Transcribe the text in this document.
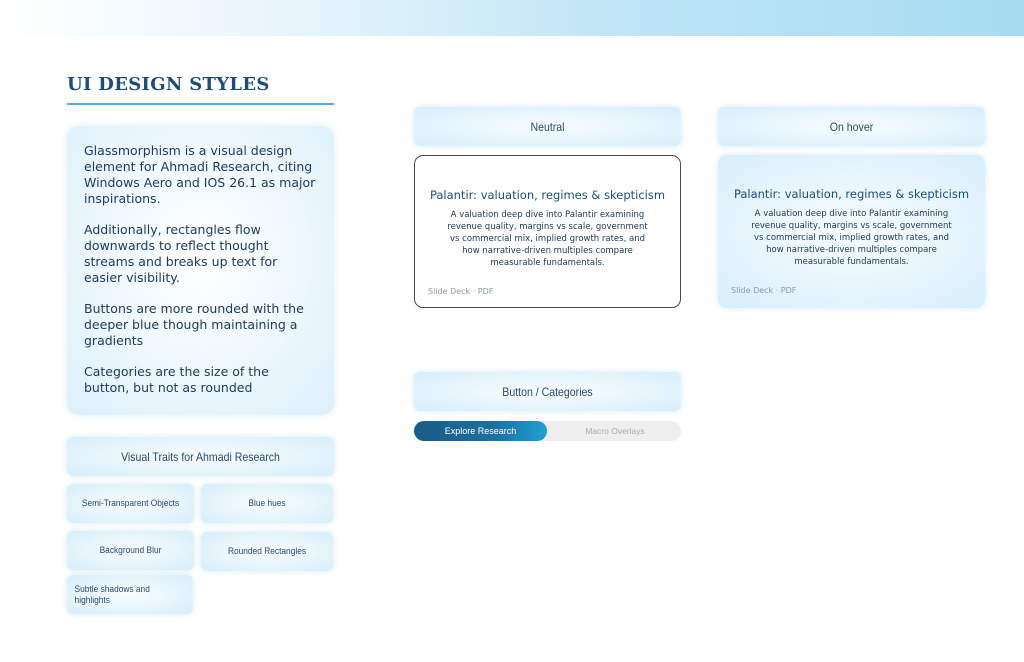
UI DESIGN STYLES

Glassmorphism is a visual design element for Ahmadi Research, citing Windows Aero and IOS 26.1 as major inspirations.

Additionally, rectangles flow downwards to reflect thought streams and breaks up text for easier visibility.

Buttons are more rounded with the deeper blue though maintaining a gradients

Categories are the size of the button, but not as rounded

Visual Traits for Ahmadi Research
Semi-Transparent Objects	Blue hues
Background Blur	Rounded Rectangles
Subtle shadows and highlights
Neutral	On hover
Palantir: valuation, regimes & skepticism
A valuation deep dive into Palantir examining revenue quality, margins vs scale, government vs commercial mix, implied growth rates, and how narrative-driven multiples compare measurable fundamentals.
Slide Deck · PDF
Palantir: valuation, regimes & skepticism
A valuation deep dive into Palantir examining revenue quality, margins vs scale, government vs commercial mix, implied growth rates, and how narrative-driven multiples compare measurable fundamentals.
Slide Deck · PDF
Button / Categories
Explore Research	Macro Overlays
